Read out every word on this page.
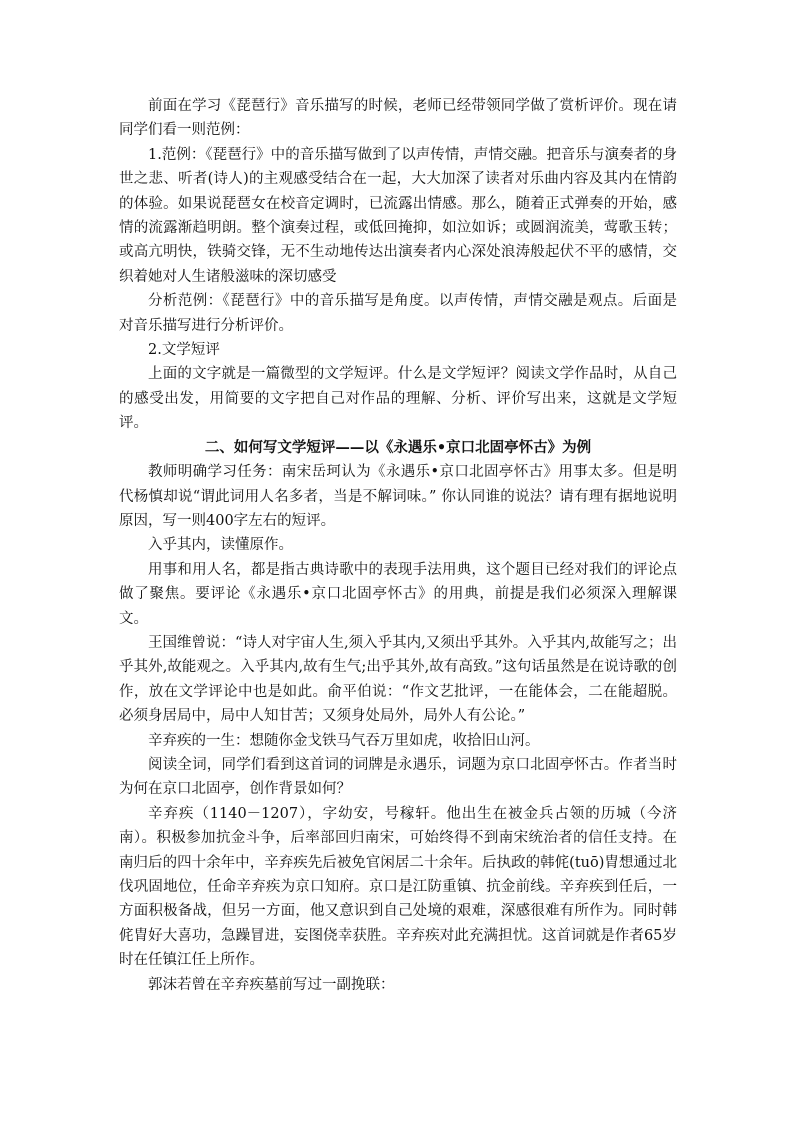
前面在学习《琵琶行》音乐描写的时候，老师已经带领同学做了赏析评价。现在请同学们看一则范例：

1.范例：《琵琶行》中的音乐描写做到了以声传情，声情交融。把音乐与演奏者的身世之悲、听者(诗人)的主观感受结合在一起，大大加深了读者对乐曲内容及其内在情韵的体验。如果说琵琶女在校音定调时，已流露出情感。那么，随着正式弹奏的开始，感情的流露渐趋明朗。整个演奏过程，或低回掩抑，如泣如诉；或圆润流美，莺歌玉转；或高亢明快，铁骑交锋，无不生动地传达出演奏者内心深处浪涛般起伏不平的感情，交织着她对人生诸般滋味的深切感受

分析范例：《琵琶行》中的音乐描写是角度。以声传情，声情交融是观点。后面是对音乐描写进行分析评价。

2.文学短评

上面的文字就是一篇微型的文学短评。什么是文学短评？阅读文学作品时，从自己的感受出发，用简要的文字把自己对作品的理解、分析、评价写出来，这就是文学短评。

二、如何写文学短评——以《永遇乐•京口北固亭怀古》为例

教师明确学习任务：南宋岳珂认为《永遇乐•京口北固亭怀古》用事太多。但是明代杨慎却说“谓此词用人名多者，当是不解词味。” 你认同谁的说法？请有理有据地说明原因，写一则400字左右的短评。

入乎其内，读懂原作。

用事和用人名，都是指古典诗歌中的表现手法用典，这个题目已经对我们的评论点做了聚焦。要评论《永遇乐•京口北固亭怀古》的用典，前提是我们必须深入理解课文。

王国维曾说：“诗人对宇宙人生,须入乎其内,又须出乎其外。入乎其内,故能写之；出乎其外,故能观之。入乎其内,故有生气;出乎其外,故有高致。”这句话虽然是在说诗歌的创作，放在文学评论中也是如此。俞平伯说：“作文艺批评，一在能体会，二在能超脱。必须身居局中，局中人知甘苦；又须身处局外，局外人有公论。”

辛弃疾的一生：想随你金戈铁马气吞万里如虎，收拾旧山河。

阅读全词，同学们看到这首词的词牌是永遇乐，词题为京口北固亭怀古。作者当时为何在京口北固亭，创作背景如何？

辛弃疾（1140－1207），字幼安，号稼轩。他出生在被金兵占领的历城（今济南）。积极参加抗金斗争，后率部回归南宋，可始终得不到南宋统治者的信任支持。在南归后的四十余年中，辛弃疾先后被免官闲居二十余年。后执政的韩侂(tuō)胄想通过北伐巩固地位，任命辛弃疾为京口知府。京口是江防重镇、抗金前线。辛弃疾到任后，一方面积极备战，但另一方面，他又意识到自己处境的艰难，深感很难有所作为。同时韩侂胄好大喜功，急躁冒进，妄图侥幸获胜。辛弃疾对此充满担忧。这首词就是作者65岁时在任镇江任上所作。

郭沫若曾在辛弃疾墓前写过一副挽联：
